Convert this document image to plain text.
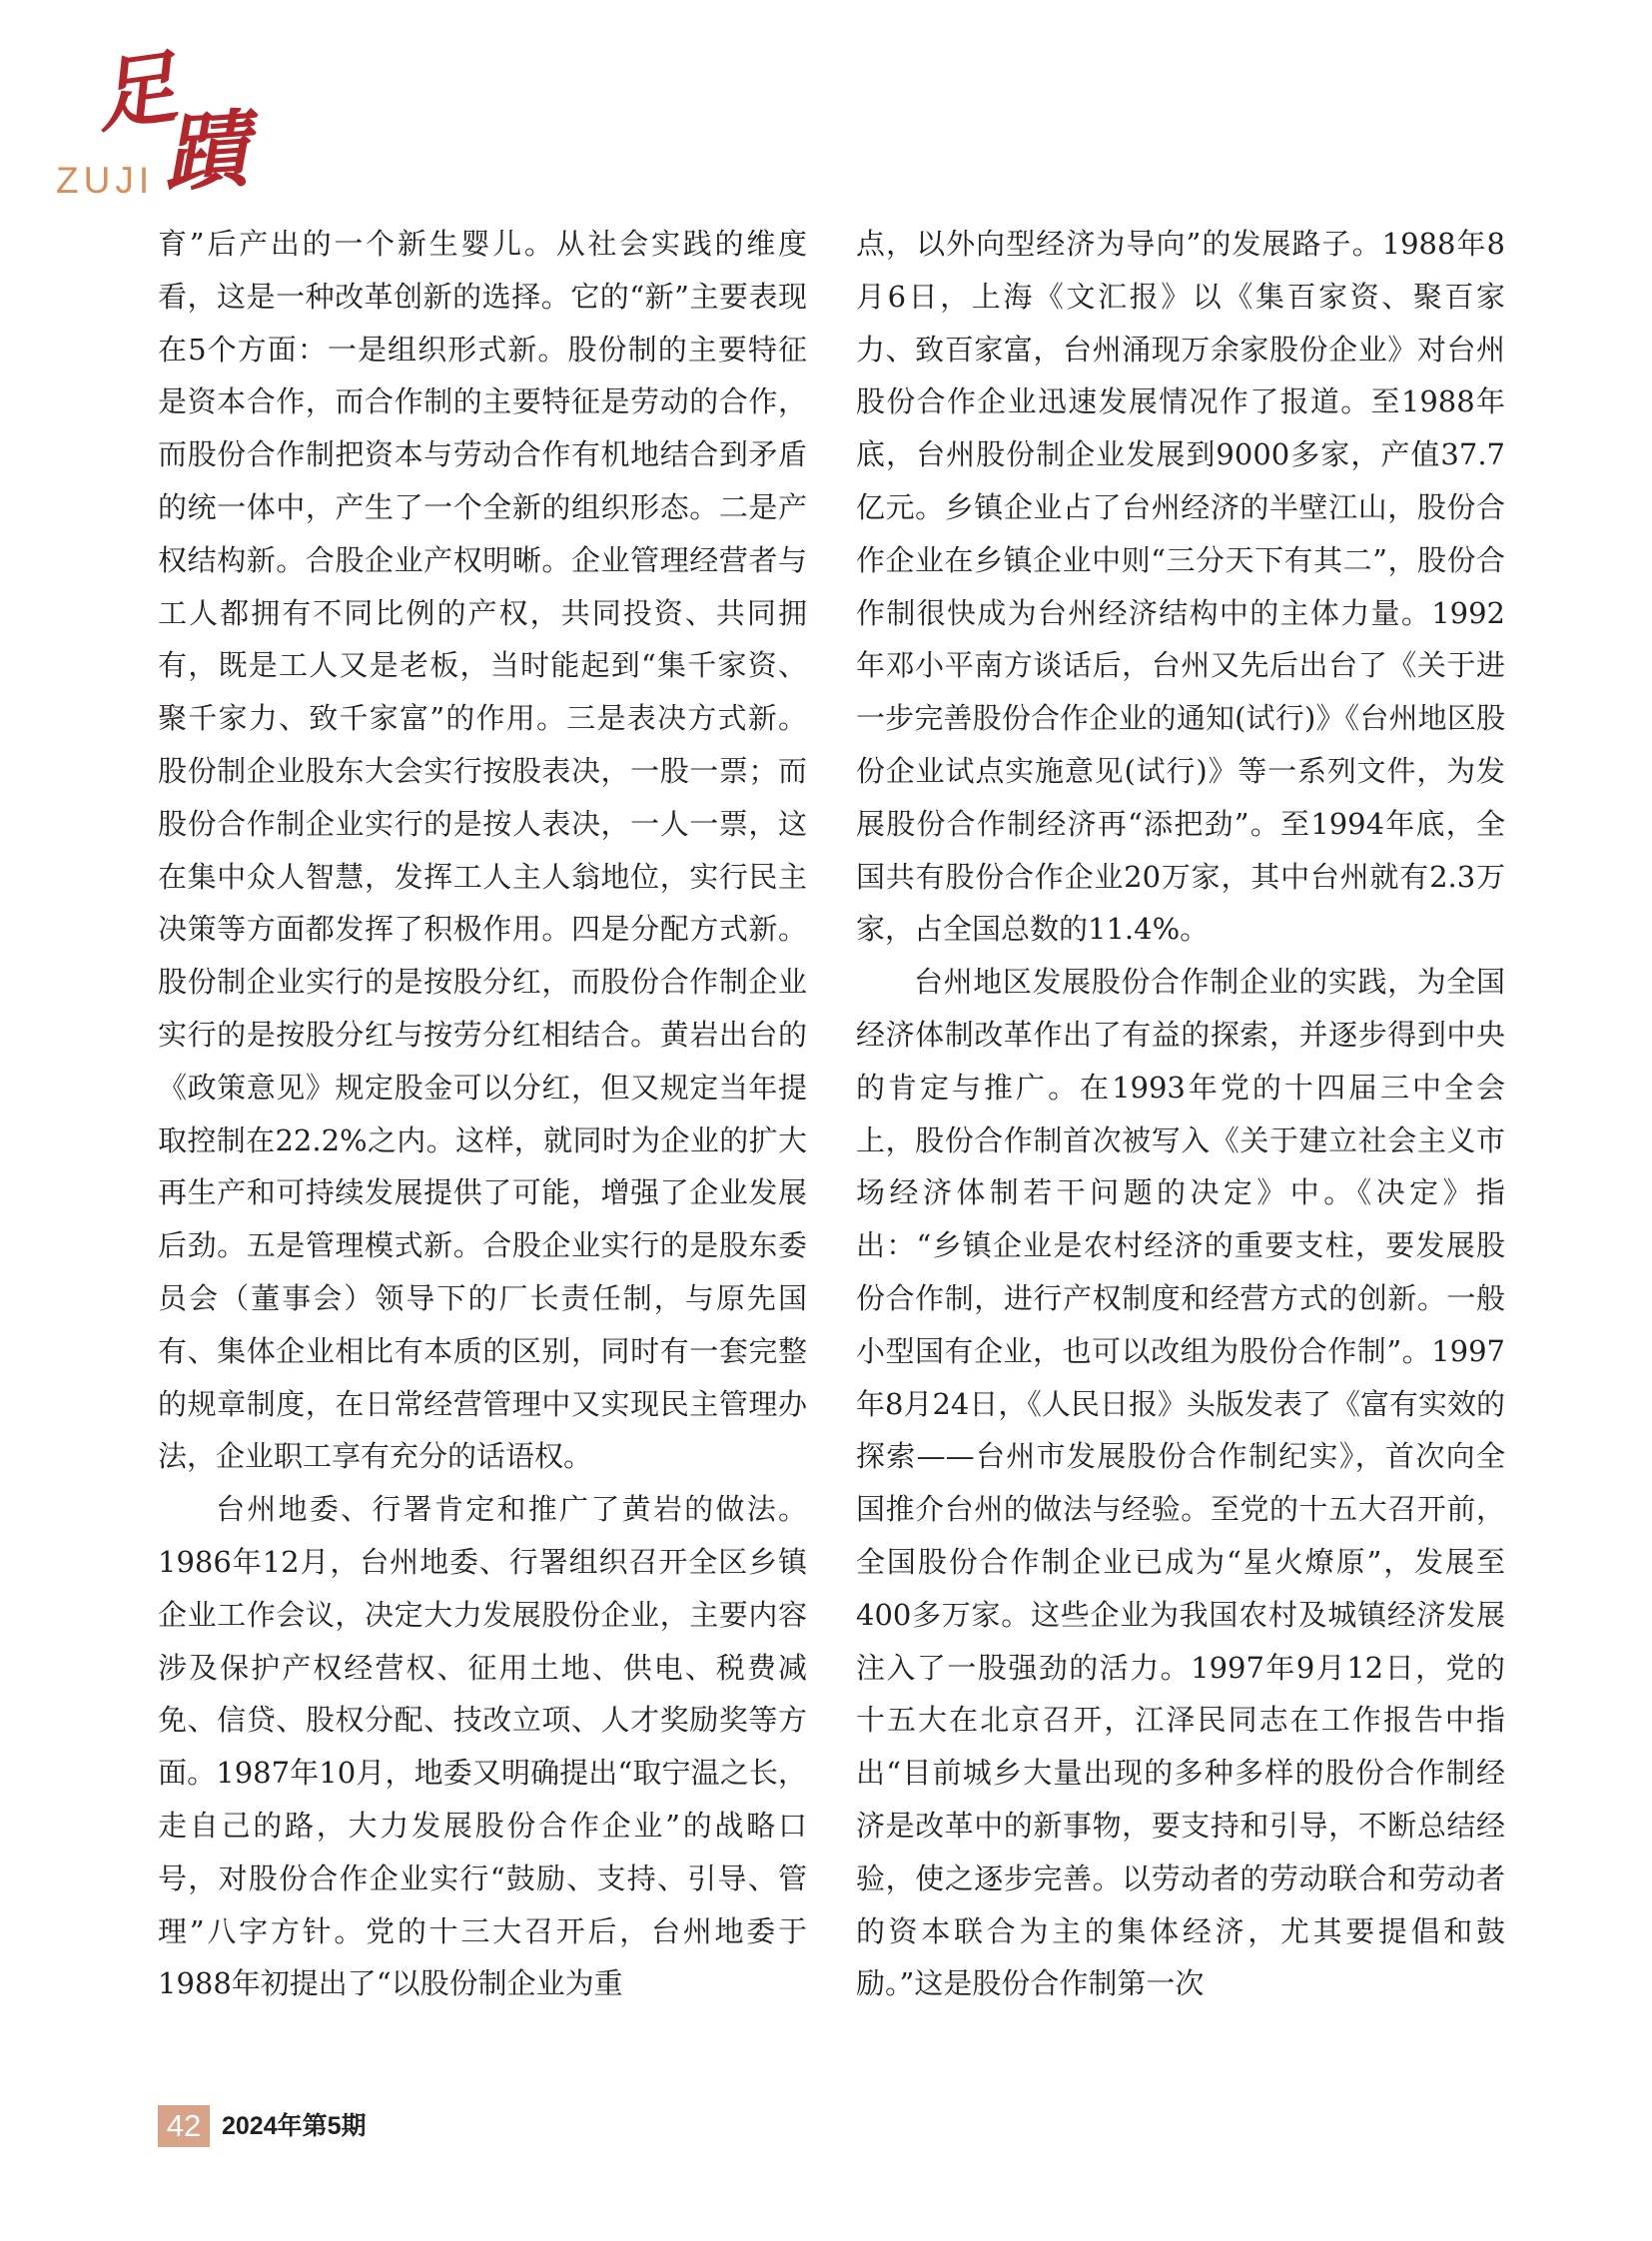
足
蹟
ZUJI

育”后产出的一个新生婴儿。从社会实践的维度看，这是一种改革创新的选择。它的“新”主要表现在5个方面：一是组织形式新。股份制的主要特征是资本合作，而合作制的主要特征是劳动的合作，而股份合作制把资本与劳动合作有机地结合到矛盾的统一体中，产生了一个全新的组织形态。二是产权结构新。合股企业产权明晰。企业管理经营者与工人都拥有不同比例的产权，共同投资、共同拥有，既是工人又是老板，当时能起到“集千家资、聚千家力、致千家富”的作用。三是表决方式新。股份制企业股东大会实行按股表决，一股一票；而股份合作制企业实行的是按人表决，一人一票，这在集中众人智慧，发挥工人主人翁地位，实行民主决策等方面都发挥了积极作用。四是分配方式新。股份制企业实行的是按股分红，而股份合作制企业实行的是按股分红与按劳分红相结合。黄岩出台的《政策意见》规定股金可以分红，但又规定当年提取控制在22.2%之内。这样，就同时为企业的扩大再生产和可持续发展提供了可能，增强了企业发展后劲。五是管理模式新。合股企业实行的是股东委员会（董事会）领导下的厂长责任制，与原先国有、集体企业相比有本质的区别，同时有一套完整的规章制度，在日常经营管理中又实现民主管理办法，企业职工享有充分的话语权。

台州地委、行署肯定和推广了黄岩的做法。1986年12月，台州地委、行署组织召开全区乡镇企业工作会议，决定大力发展股份企业，主要内容涉及保护产权经营权、征用土地、供电、税费减免、信贷、股权分配、技改立项、人才奖励奖等方面。1987年10月，地委又明确提出“取宁温之长，走自己的路，大力发展股份合作企业”的战略口号，对股份合作企业实行“鼓励、支持、引导、管理”八字方针。党的十三大召开后，台州地委于1988年初提出了“以股份制企业为重

点，以外向型经济为导向”的发展路子。1988年8月6日，上海《文汇报》以《集百家资、聚百家力、致百家富，台州涌现万余家股份企业》对台州股份合作企业迅速发展情况作了报道。至1988年底，台州股份制企业发展到9000多家，产值37.7亿元。乡镇企业占了台州经济的半壁江山，股份合作企业在乡镇企业中则“三分天下有其二”，股份合作制很快成为台州经济结构中的主体力量。1992年邓小平南方谈话后，台州又先后出台了《关于进一步完善股份合作企业的通知(试行)》《台州地区股份企业试点实施意见(试行)》等一系列文件，为发展股份合作制经济再“添把劲”。至1994年底，全国共有股份合作企业20万家，其中台州就有2.3万家，占全国总数的11.4%。

台州地区发展股份合作制企业的实践，为全国经济体制改革作出了有益的探索，并逐步得到中央的肯定与推广。在1993年党的十四届三中全会上，股份合作制首次被写入《关于建立社会主义市场经济体制若干问题的决定》中。《决定》指出：“乡镇企业是农村经济的重要支柱，要发展股份合作制，进行产权制度和经营方式的创新。一般小型国有企业，也可以改组为股份合作制”。1997年8月24日，《人民日报》头版发表了《富有实效的探索——台州市发展股份合作制纪实》，首次向全国推介台州的做法与经验。至党的十五大召开前，全国股份合作制企业已成为“星火燎原”，发展至400多万家。这些企业为我国农村及城镇经济发展注入了一股强劲的活力。1997年9月12日，党的十五大在北京召开，江泽民同志在工作报告中指出“目前城乡大量出现的多种多样的股份合作制经济是改革中的新事物，要支持和引导，不断总结经验，使之逐步完善。以劳动者的劳动联合和劳动者的资本联合为主的集体经济，尤其要提倡和鼓励。”这是股份合作制第一次

42 2024年第5期
